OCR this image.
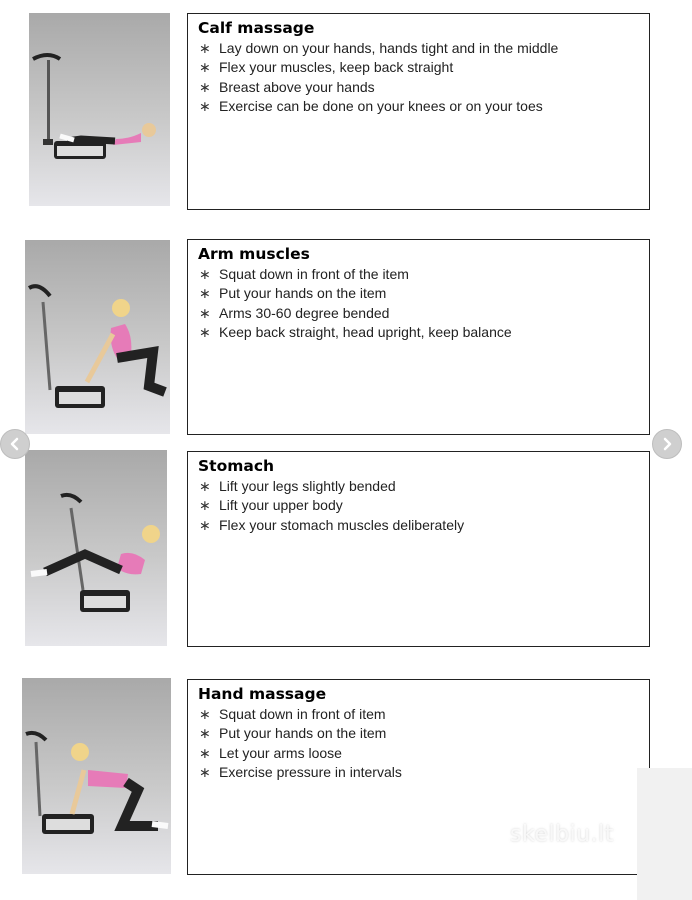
Calf massage
∗ Lay down on your hands, hands tight and in the middle
∗ Flex your muscles, keep back straight
∗ Breast above your hands
∗ Exercise can be done on your knees or on your toes
Arm muscles
∗ Squat down in front of the item
∗ Put your hands on the item
∗ Arms 30-60 degree bended
∗ Keep back straight, head upright, keep balance
Stomach
∗ Lift your legs slightly bended
∗ Lift your upper body
∗ Flex your stomach muscles deliberately
Hand massage
∗ Squat down in front of item
∗ Put your hands on the item
∗ Let your arms loose
∗ Exercise pressure in intervals
skelbiu.lt
